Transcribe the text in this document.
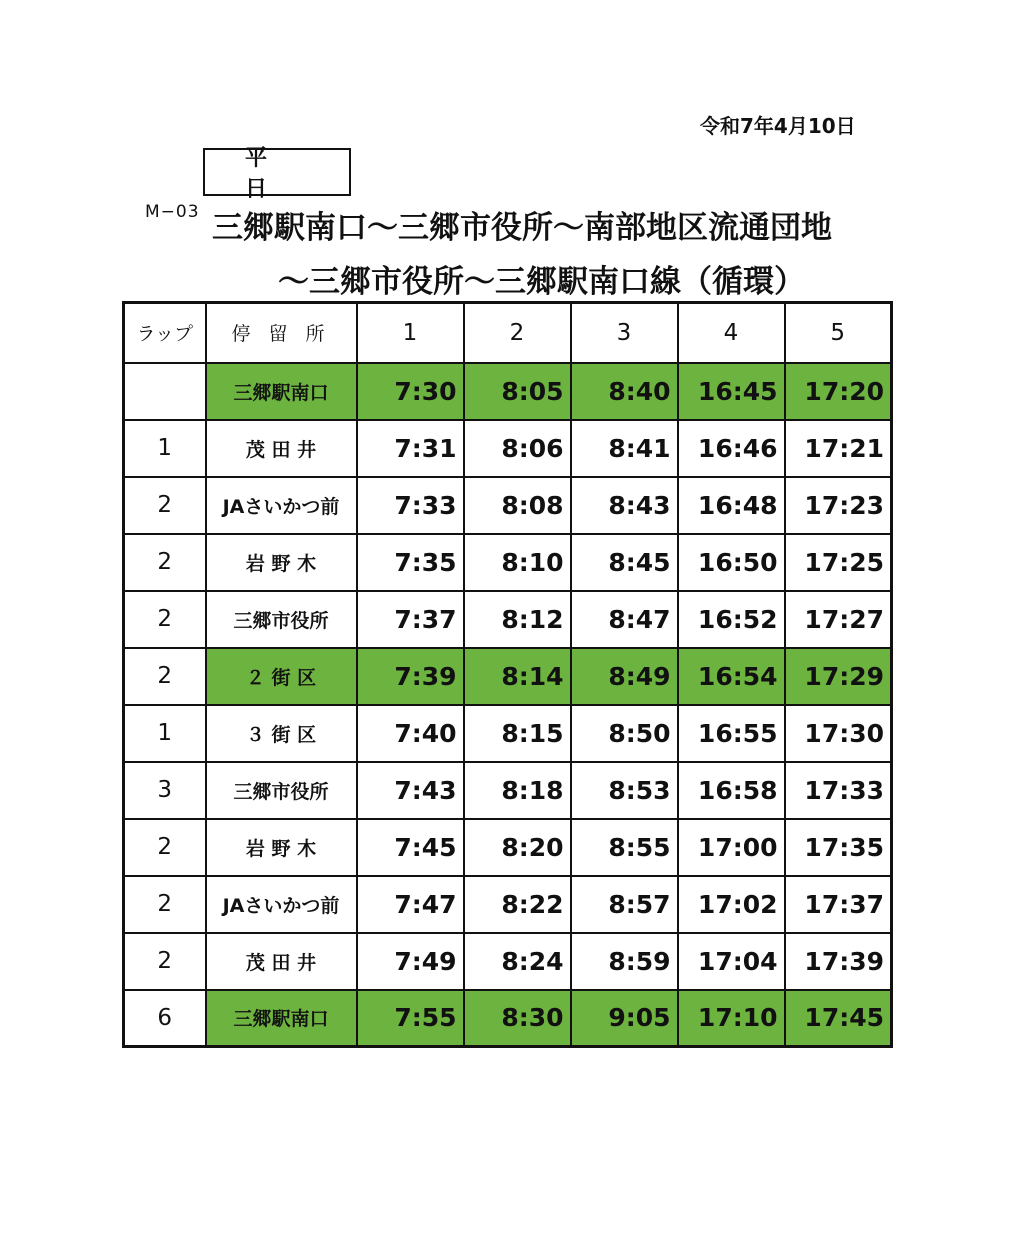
令和7年4月10日
平 日
M−03 三郷駅南口〜三郷市役所〜南部地区流通団地
〜三郷市役所〜三郷駅南口線（循環）
ラップ	停 留 所	1	2	3	4	5
	三郷駅南口	7:30	8:05	8:40	16:45	17:20
1	茂 田 井	7:31	8:06	8:41	16:46	17:21
2	JAさいかつ前	7:33	8:08	8:43	16:48	17:23
2	岩 野 木	7:35	8:10	8:45	16:50	17:25
2	三郷市役所	7:37	8:12	8:47	16:52	17:27
2	２ 街 区	7:39	8:14	8:49	16:54	17:29
1	３ 街 区	7:40	8:15	8:50	16:55	17:30
3	三郷市役所	7:43	8:18	8:53	16:58	17:33
2	岩 野 木	7:45	8:20	8:55	17:00	17:35
2	JAさいかつ前	7:47	8:22	8:57	17:02	17:37
2	茂 田 井	7:49	8:24	8:59	17:04	17:39
6	三郷駅南口	7:55	8:30	9:05	17:10	17:45
